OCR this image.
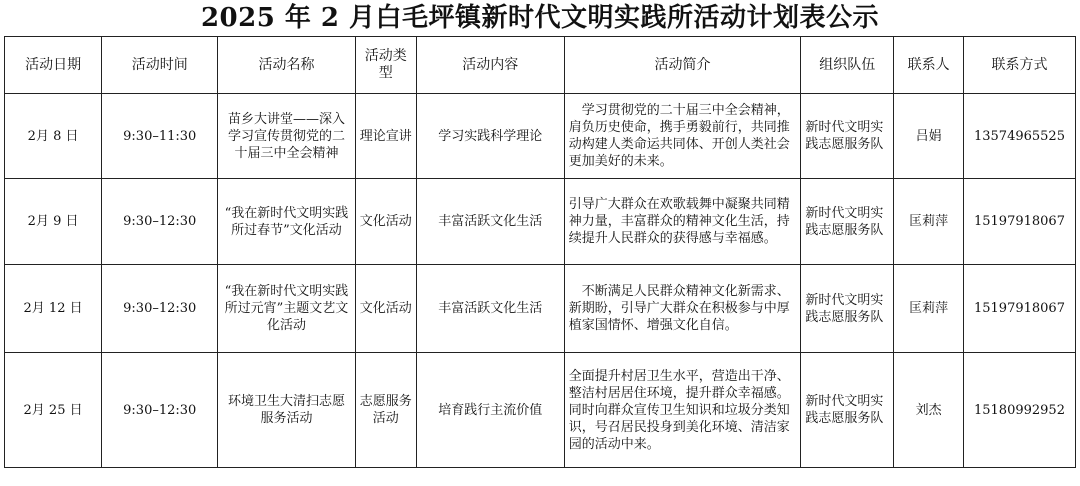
2025 年 2 月白毛坪镇新时代文明实践所活动计划表公示
活动日期	活动时间	活动名称	活动类型	活动内容	活动简介	组织队伍	联系人	联系方式
2月 8 日	9:30–11:30	苗乡大讲堂——深入学习宣传贯彻党的二十届三中全会精神	理论宣讲	学习实践科学理论	学习贯彻党的二十届三中全会精神，肩负历史使命，携手勇毅前行，共同推动构建人类命运共同体、开创人类社会更加美好的未来。	新时代文明实践志愿服务队	吕娟	13574965525
2月 9 日	9:30–12:30	“我在新时代文明实践所过春节”文化活动	文化活动	丰富活跃文化生活	引导广大群众在欢歌载舞中凝聚共同精神力量，丰富群众的精神文化生活，持续提升人民群众的获得感与幸福感。	新时代文明实践志愿服务队	匡莉萍	15197918067
2月 12 日	9:30–12:30	“我在新时代文明实践所过元宵”主题文艺文化活动	文化活动	丰富活跃文化生活	不断满足人民群众精神文化新需求、新期盼，引导广大群众在积极参与中厚植家国情怀、增强文化自信。	新时代文明实践志愿服务队	匡莉萍	15197918067
2月 25 日	9:30–12:30	环境卫生大清扫志愿服务活动	志愿服务活动	培育践行主流价值	全面提升村居卫生水平，营造出干净、整洁村居居住环境，提升群众幸福感。同时向群众宣传卫生知识和垃圾分类知识，号召居民投身到美化环境、清洁家园的活动中来。	新时代文明实践志愿服务队	刘杰	15180992952
